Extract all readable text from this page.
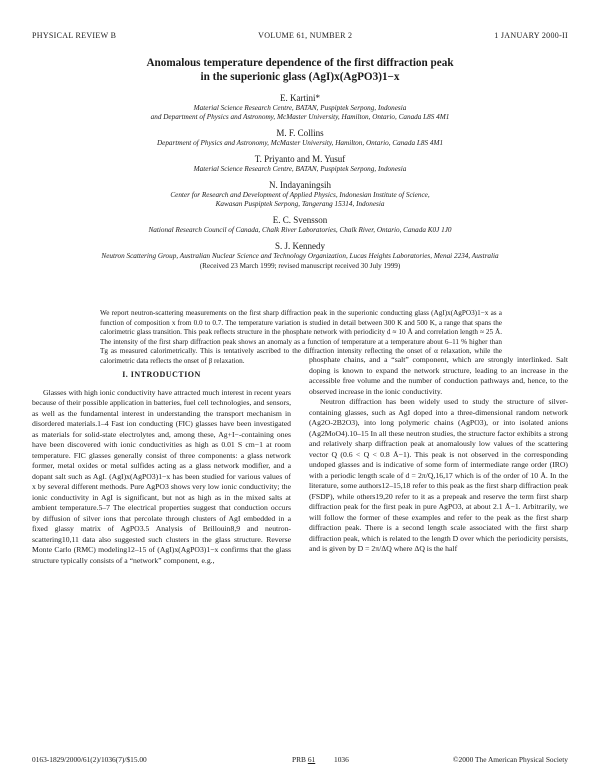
PHYSICAL REVIEW B	VOLUME 61, NUMBER 2	1 JANUARY 2000-II
Anomalous temperature dependence of the first diffraction peak
in the superionic glass (AgI)x(AgPO3)1−x
E. Kartini*
Material Science Research Centre, BATAN, Puspiptek Serpong, Indonesia
and Department of Physics and Astronomy, McMaster University, Hamilton, Ontario, Canada L8S 4M1
M. F. Collins
Department of Physics and Astronomy, McMaster University, Hamilton, Ontario, Canada L8S 4M1
T. Priyanto and M. Yusuf
Material Science Research Centre, BATAN, Puspiptek Serpong, Indonesia
N. Indayaningsih
Center for Research and Development of Applied Physics, Indonesian Institute of Science,
Kawasan Puspiptek Serpong, Tangerang 15314, Indonesia
E. C. Svensson
National Research Council of Canada, Chalk River Laboratories, Chalk River, Ontario, Canada K0J 1J0
S. J. Kennedy
Neutron Scattering Group, Australian Nuclear Science and Technology Organization, Lucas Heights Laboratories, Menai 2234, Australia
(Received 23 March 1999; revised manuscript received 30 July 1999)
We report neutron-scattering measurements on the first sharp diffraction peak in the superionic conducting glass (AgI)x(AgPO3)1−x as a function of composition x from 0.0 to 0.7. The temperature variation is studied in detail between 300 K and 500 K, a range that spans the calorimetric glass transition. This peak reflects structure in the phosphate network with periodicity d ≈ 10 Å and correlation length ≈ 25 Å. The intensity of the first sharp diffraction peak shows an anomaly as a function of temperature at a temperature about 6–11 % higher than Tg as measured calorimetrically. This is tentatively ascribed to the diffraction intensity reflecting the onset of α relaxation, while the calorimetric data reflects the onset of β relaxation.
I. INTRODUCTION

Glasses with high ionic conductivity have attracted much interest in recent years because of their possible application in batteries, fuel cell technologies, and sensors, as well as the fundamental interest in understanding the transport mechanism in disordered materials.1–4 Fast ion conducting (FIC) glasses have been investigated as materials for solid-state electrolytes and, among these, Ag+I−-containing ones have been discovered with ionic conductivities as high as 0.01 S cm−1 at room temperature. FIC glasses generally consist of three components: a glass network former, metal oxides or metal sulfides acting as a glass network modifier, and a dopant salt such as AgI. (AgI)x(AgPO3)1−x has been studied for various values of x by several different methods. Pure AgPO3 shows very low ionic conductivity; the ionic conductivity in AgI is significant, but not as high as in the mixed salts at ambient temperature.5–7 The electrical properties suggest that conduction occurs by diffusion of silver ions that percolate through clusters of AgI embedded in a fixed glassy matrix of AgPO3.5 Analysis of Brillouin8,9 and neutron-scattering10,11 data also suggested such clusters in the glass structure. Reverse Monte Carlo (RMC) modeling12–15 of (AgI)x(AgPO3)1−x confirms that the glass structure typically consists of a “network” component, e.g.,

phosphate chains, and a “salt” component, which are strongly interlinked. Salt doping is known to expand the network structure, leading to an increase in the accessible free volume and the number of conduction pathways and, hence, to the observed increase in the ionic conductivity.

Neutron diffraction has been widely used to study the structure of silver-containing glasses, such as AgI doped into a three-dimensional random network (Ag2O-2B2O3), into long polymeric chains (AgPO3), or into isolated anions (Ag2MoO4).10–15 In all these neutron studies, the structure factor exhibits a strong and relatively sharp diffraction peak at anomalously low values of the scattering vector Q (0.6 < Q < 0.8 Å−1). This peak is not observed in the corresponding undoped glasses and is indicative of some form of intermediate range order (IRO) with a periodic length scale of d = 2π/Q,16,17 which is of the order of 10 Å. In the literature, some authors12–15,18 refer to this peak as the first sharp diffraction peak (FSDP), while others19,20 refer to it as a prepeak and reserve the term first sharp diffraction peak for the first peak in pure AgPO3, at about 2.1 Å−1. Arbitrarily, we will follow the former of these examples and refer to the peak as the first sharp diffraction peak. There is a second length scale associated with the first sharp diffraction peak, which is related to the length D over which the periodicity persists, and is given by D = 2π/ΔQ where ΔQ is the half

0163-1829/2000/61(2)/1036(7)/$15.00	PRB 61	1036	©2000 The American Physical Society
